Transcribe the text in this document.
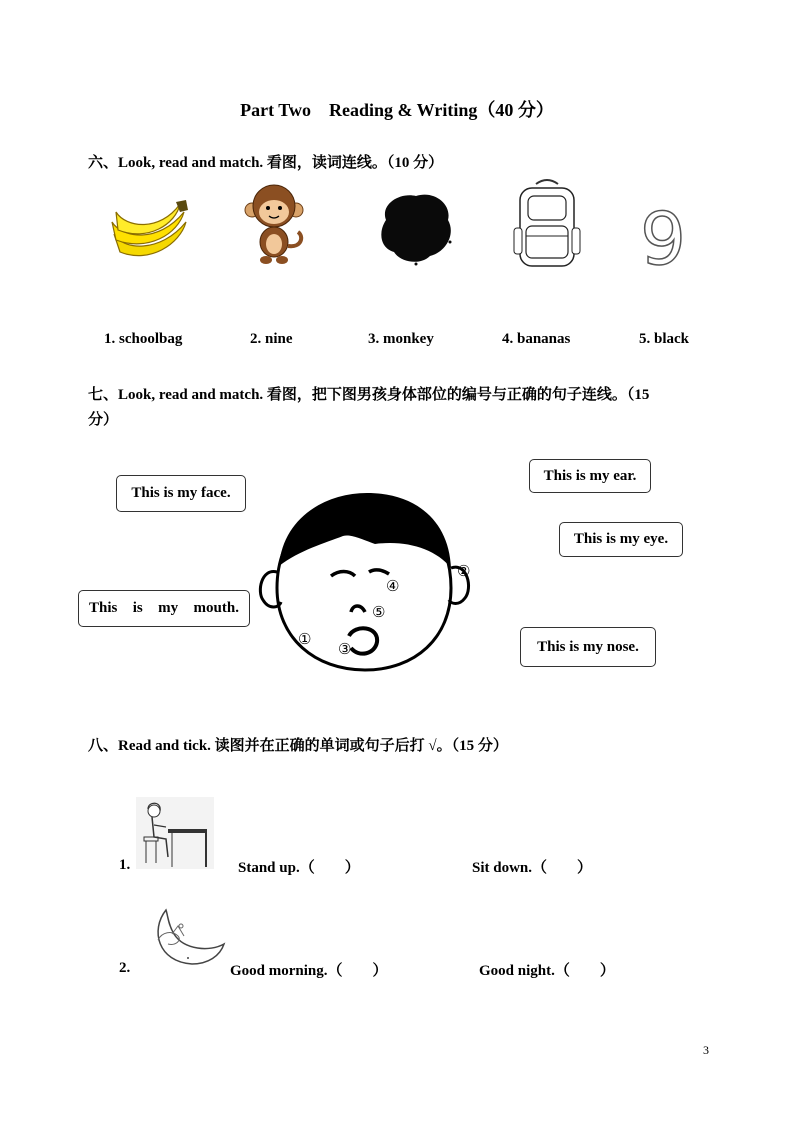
Part Two    Reading & Writing（40 分）
六、Look, read and match. 看图，读词连线。（10 分）
9
1. schoolbag	2. nine	3. monkey	4. bananas	5. black
七、Look, read and match. 看图，把下图男孩身体部位的编号与正确的句子连线。（15
分）
This is my face.
This is my mouth.
This is my ear.
This is my eye.
This is my nose.
④
②
⑤
①
③
八、Read and tick. 读图并在正确的单词或句子后打 √。（15 分）
1.	Stand up.（　　）	Sit down.（　　）
2.	Good morning.（　　）	Good night.（　　）
3
